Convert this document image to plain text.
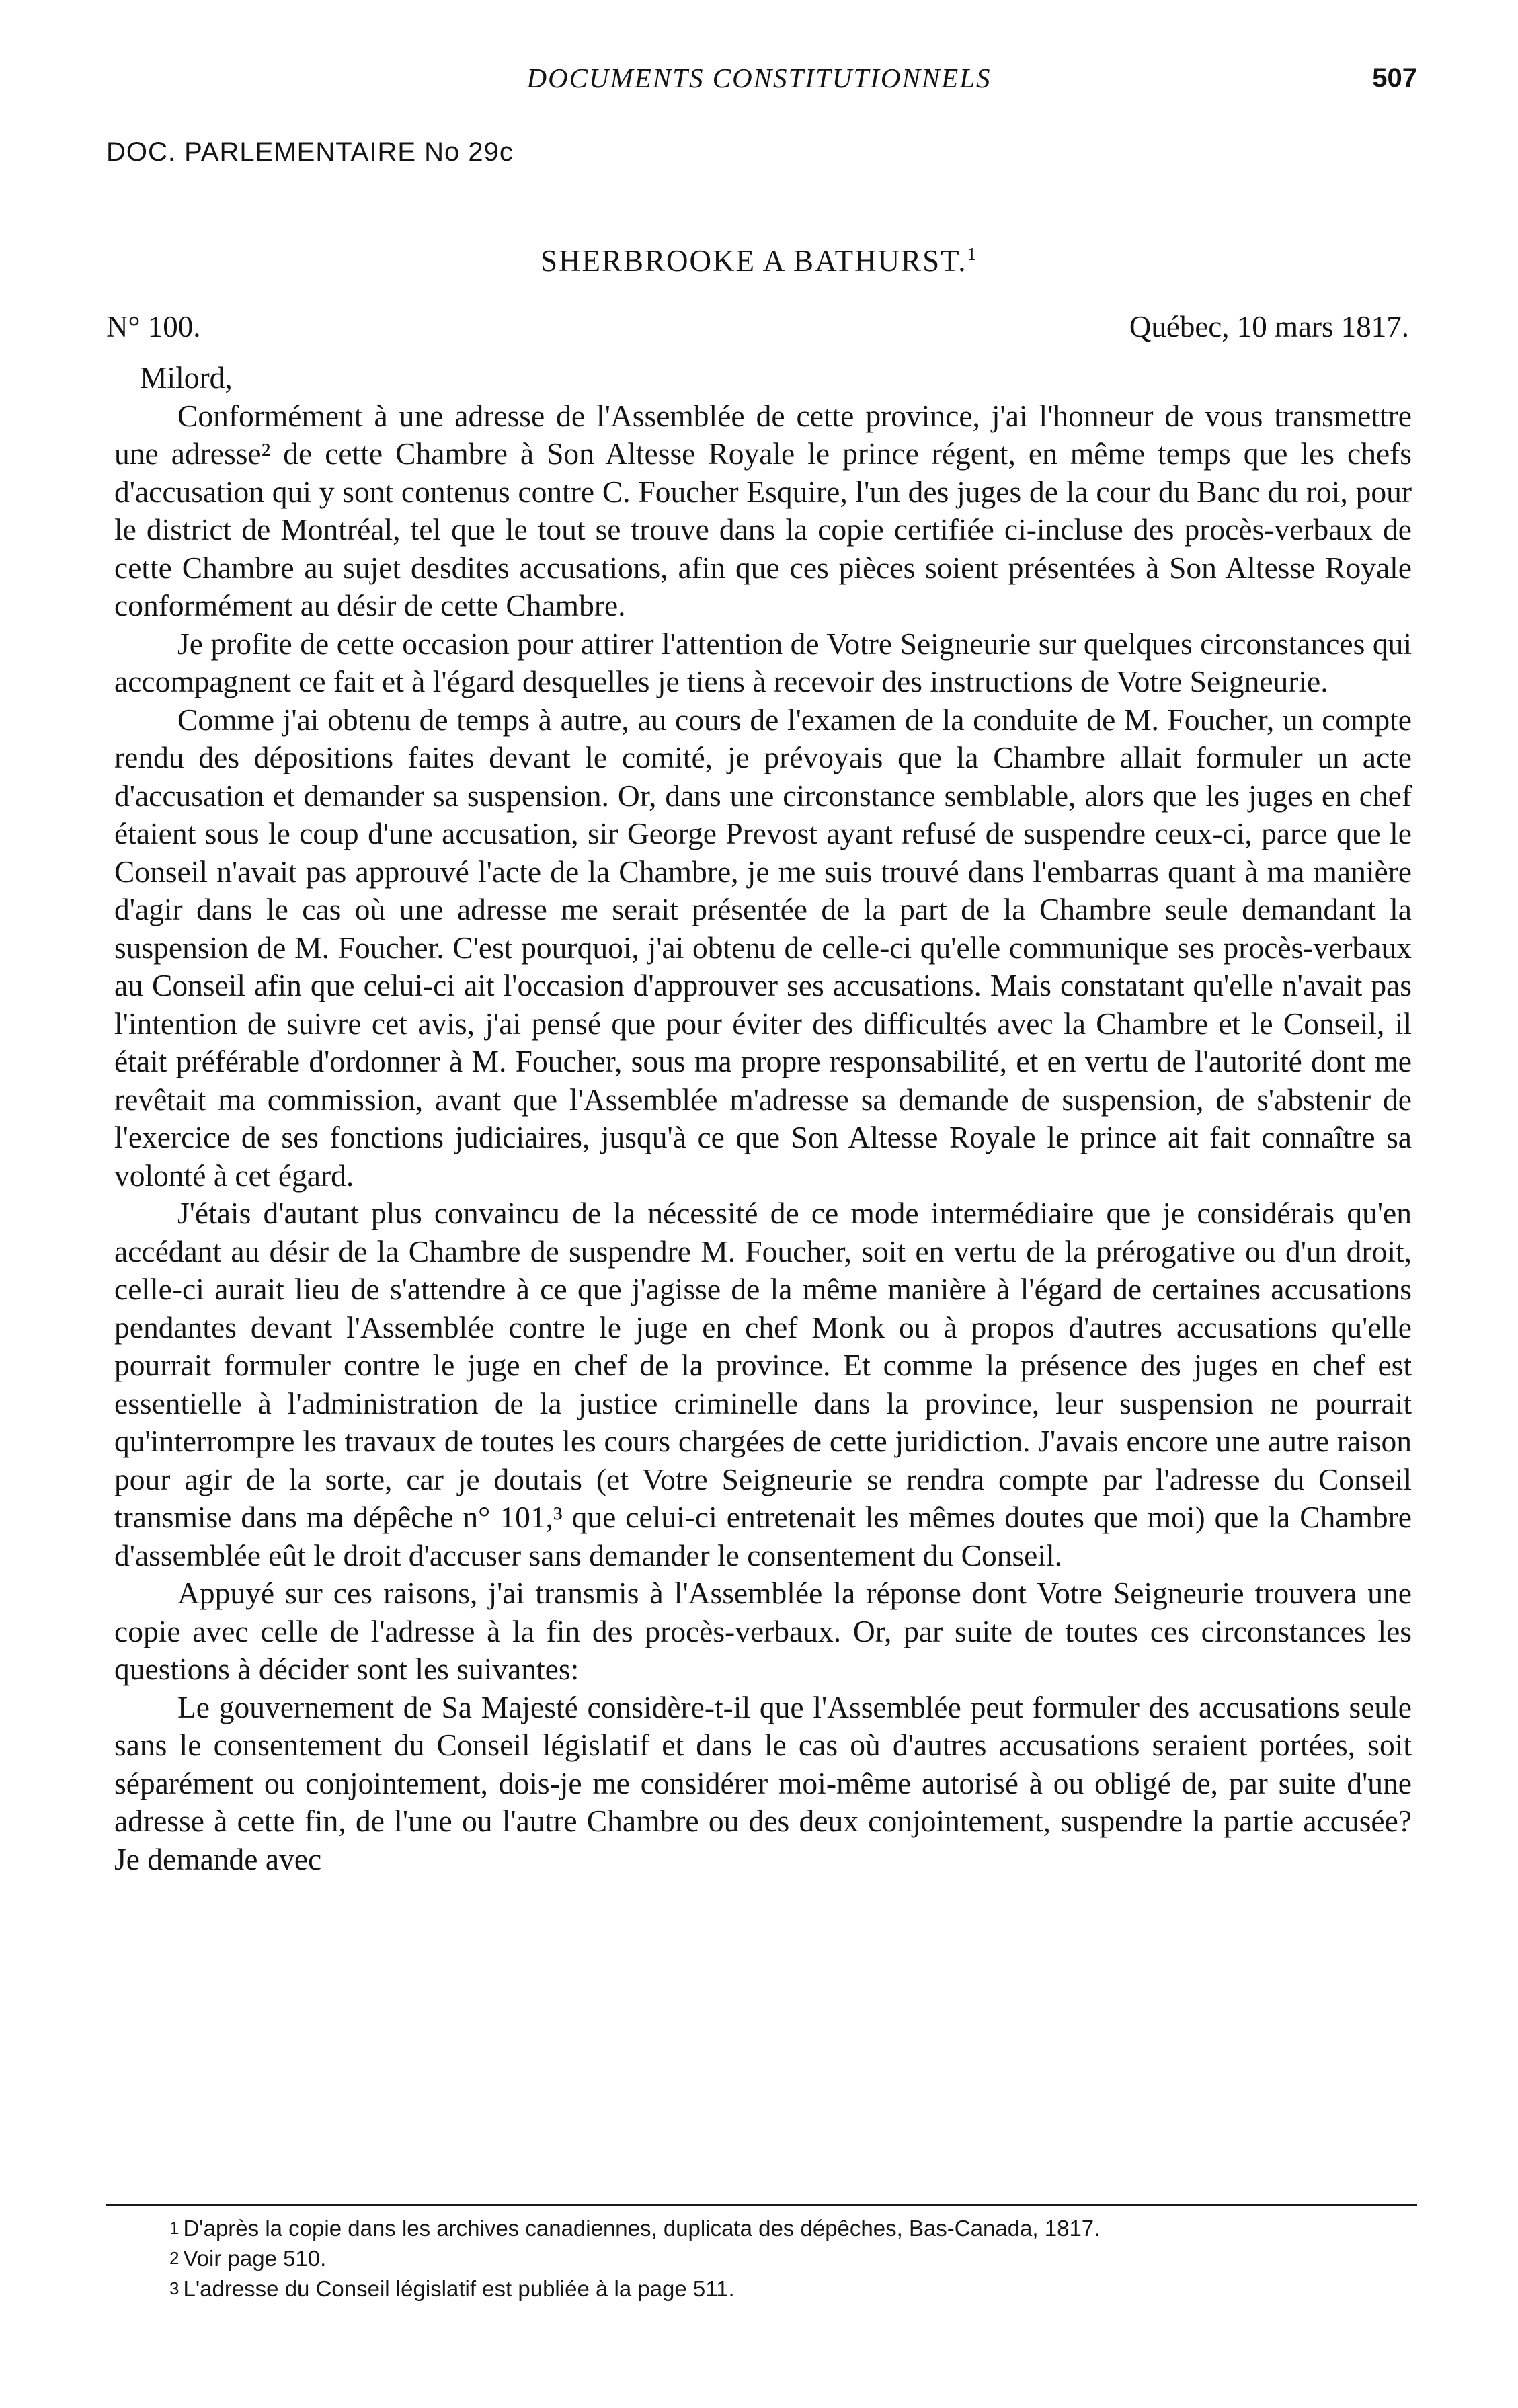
DOCUMENTS CONSTITUTIONNELS	507
DOC. PARLEMENTAIRE No 29c
SHERBROOKE A BATHURST.$^1$
N° 100.	Québec, 10 mars 1817.

Milord,

Conformément à une adresse de l'Assemblée de cette province, j'ai l'honneur de vous transmettre une adresse² de cette Chambre à Son Altesse Royale le prince régent, en même temps que les chefs d'accusation qui y sont contenus contre C. Foucher Esquire, l'un des juges de la cour du Banc du roi, pour le district de Montréal, tel que le tout se trouve dans la copie certifiée ci-incluse des procès-verbaux de cette Chambre au sujet desdites accusations, afin que ces pièces soient présentées à Son Altesse Royale conformément au désir de cette Chambre.

Je profite de cette occasion pour attirer l'attention de Votre Seigneurie sur quelques circonstances qui accompagnent ce fait et à l'égard desquelles je tiens à recevoir des instructions de Votre Seigneurie.

Comme j'ai obtenu de temps à autre, au cours de l'examen de la conduite de M. Foucher, un compte rendu des dépositions faites devant le comité, je prévoyais que la Chambre allait formuler un acte d'accusation et demander sa suspension. Or, dans une circonstance semblable, alors que les juges en chef étaient sous le coup d'une accusation, sir George Prevost ayant refusé de suspendre ceux-ci, parce que le Conseil n'avait pas approuvé l'acte de la Chambre, je me suis trouvé dans l'embarras quant à ma manière d'agir dans le cas où une adresse me serait présentée de la part de la Chambre seule demandant la suspension de M. Foucher. C'est pourquoi, j'ai obtenu de celle-ci qu'elle communique ses procès-verbaux au Conseil afin que celui-ci ait l'occasion d'approuver ses accusations. Mais constatant qu'elle n'avait pas l'intention de suivre cet avis, j'ai pensé que pour éviter des difficultés avec la Chambre et le Conseil, il était préférable d'ordonner à M. Foucher, sous ma propre responsabilité, et en vertu de l'autorité dont me revêtait ma commission, avant que l'Assemblée m'adresse sa demande de suspension, de s'abstenir de l'exercice de ses fonctions judiciaires, jusqu'à ce que Son Altesse Royale le prince ait fait connaître sa volonté à cet égard.

J'étais d'autant plus convaincu de la nécessité de ce mode intermédiaire que je considérais qu'en accédant au désir de la Chambre de suspendre M. Foucher, soit en vertu de la prérogative ou d'un droit, celle-ci aurait lieu de s'attendre à ce que j'agisse de la même manière à l'égard de certaines accusations pendantes devant l'Assemblée contre le juge en chef Monk ou à propos d'autres accusations qu'elle pourrait formuler contre le juge en chef de la province. Et comme la présence des juges en chef est essentielle à l'administration de la justice criminelle dans la province, leur suspension ne pourrait qu'interrompre les travaux de toutes les cours chargées de cette juridiction. J'avais encore une autre raison pour agir de la sorte, car je doutais (et Votre Seigneurie se rendra compte par l'adresse du Conseil transmise dans ma dépêche n° 101,³ que celui-ci entretenait les mêmes doutes que moi) que la Chambre d'assemblée eût le droit d'accuser sans demander le consentement du Conseil.

Appuyé sur ces raisons, j'ai transmis à l'Assemblée la réponse dont Votre Seigneurie trouvera une copie avec celle de l'adresse à la fin des procès-verbaux. Or, par suite de toutes ces circonstances les questions à décider sont les suivantes:

Le gouvernement de Sa Majesté considère-t-il que l'Assemblée peut formuler des accusations seule sans le consentement du Conseil législatif et dans le cas où d'autres accusations seraient portées, soit séparément ou conjointement, dois-je me considérer moi-même autorisé à ou obligé de, par suite d'une adresse à cette fin, de l'une ou l'autre Chambre ou des deux conjointement, suspendre la partie accusée? Je demande avec

1 D'après la copie dans les archives canadiennes, duplicata des dépêches, Bas-Canada, 1817.

2 Voir page 510.

3 L'adresse du Conseil législatif est publiée à la page 511.
